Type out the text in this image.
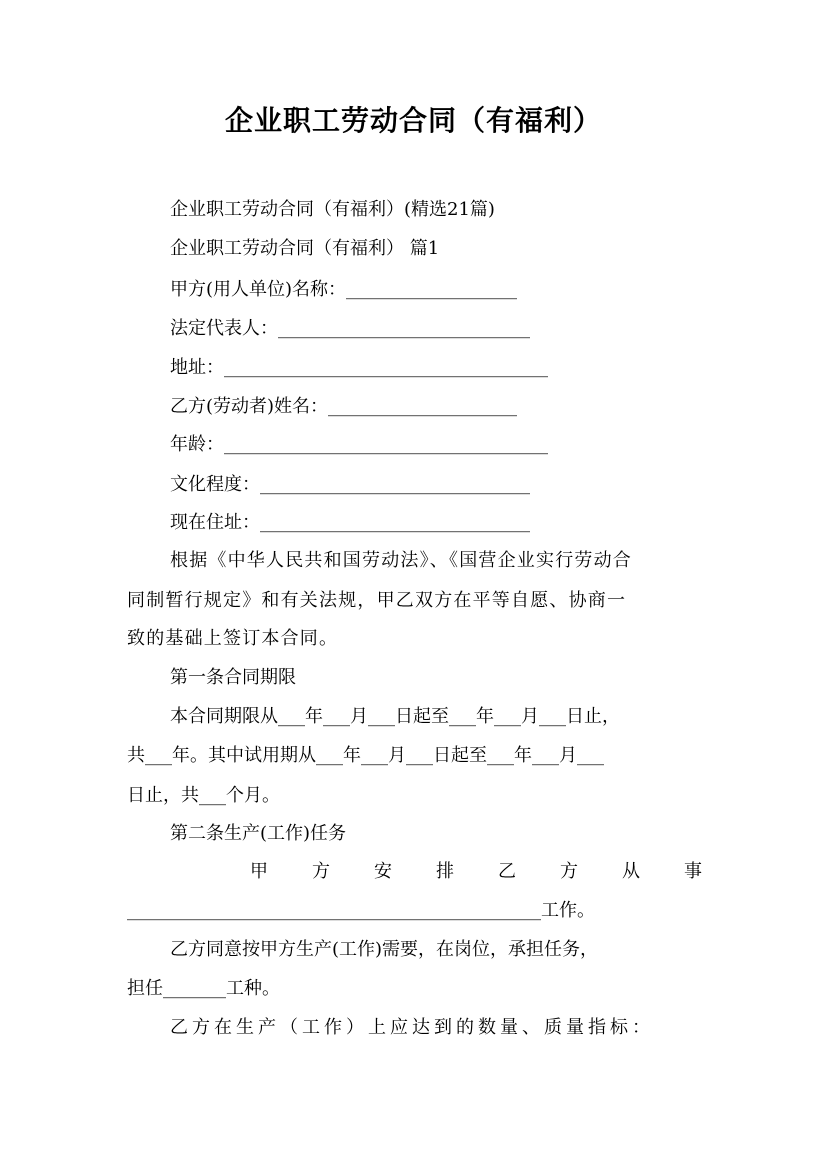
企业职工劳动合同（有福利）
企业职工劳动合同（有福利）(精选21篇)
企业职工劳动合同（有福利） 篇1
甲方(用人单位)名称：___________________
法定代表人：____________________________
地址：____________________________________
乙方(劳动者)姓名：_____________________
年龄：____________________________________
文化程度：______________________________
现在住址：______________________________
根据《中华人民共和国劳动法》、《国营企业实行劳动合
同制暂行规定》和有关法规，甲乙双方在平等自愿、协商一
致的基础上签订本合同。
第一条合同期限
本合同期限从___年___月___日起至___年___月___日止，
共___年。其中试用期从___年___月___日起至___年___月___
日止，共___个月。
第二条生产(工作)任务
甲 方 安 排 乙 方 从 事
______________________________________________工作。
乙方同意按甲方生产(工作)需要，在岗位，承担任务，
担任_______工种。
乙方在生产（工作）上应达到的数量、质量指标：
